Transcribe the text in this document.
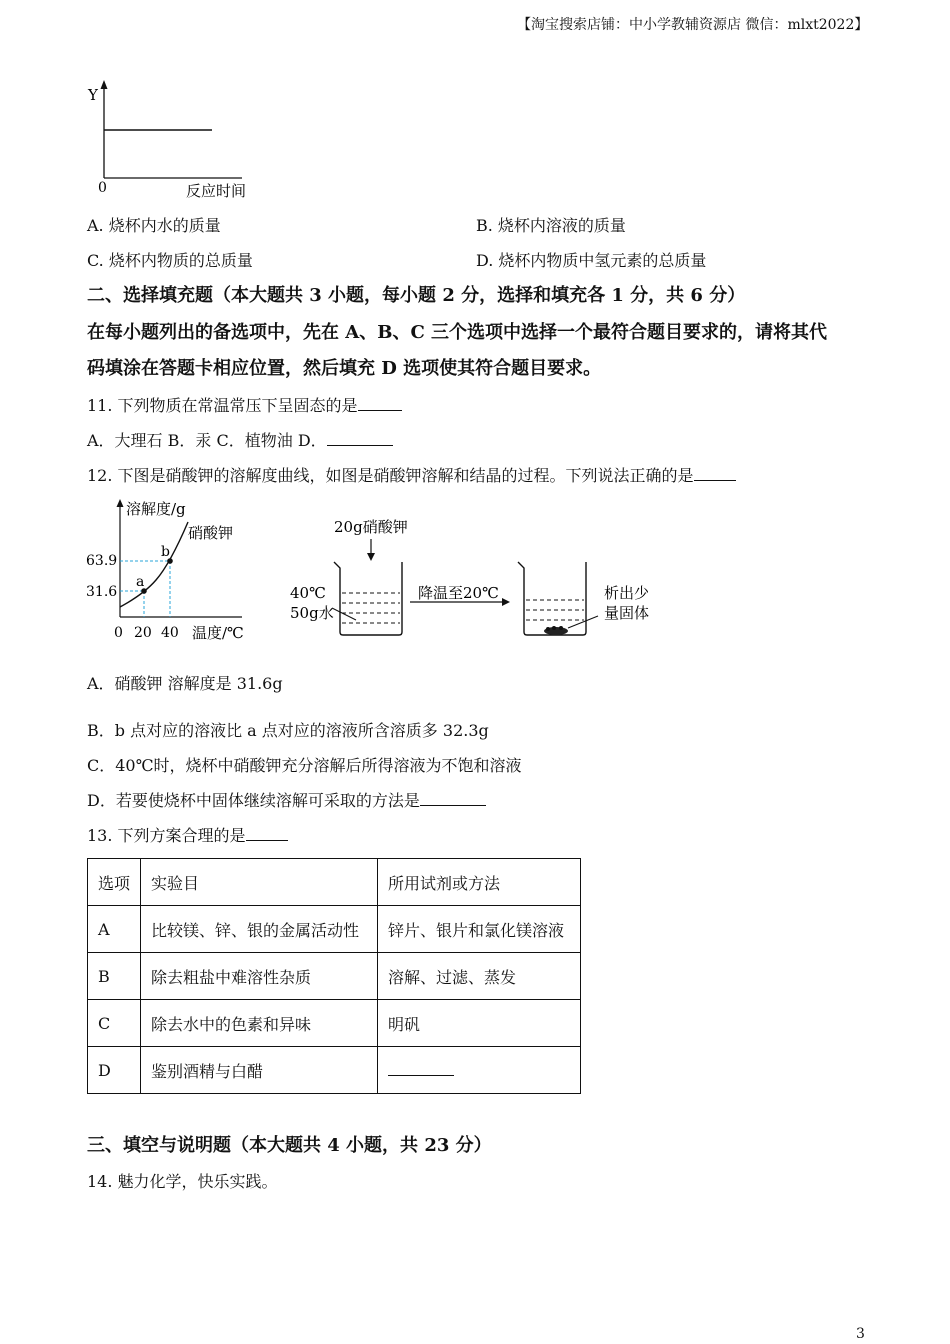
【淘宝搜索店铺：中小学教辅资源店 微信：mlxt2022】
Y
0	反应时间
A. 烧杯内水的质量	B. 烧杯内溶液的质量
C. 烧杯内物质的总质量	D. 烧杯内物质中氢元素的总质量
二、选择填充题（本大题共 3 小题，每小题 2 分，选择和填充各 1 分，共 6 分）
在每小题列出的备选项中，先在 A、B、C 三个选项中选择一个最符合题目要求的，请将其代
码填涂在答题卡相应位置，然后填充 D 选项使其符合题目要求。
11. 下列物质在常温常压下呈固态的是
A．大理石 B．汞 C．植物油 D．
12. 下图是硝酸钾的溶解度曲线，如图是硝酸钾溶解和结晶的过程。下列说法正确的是
a
b
溶解度/g
硝酸钾
63.9
31.6
0 20 40 温度/℃
20g硝酸钾
40℃
50g水
降温至20℃	析出少
量固体
A．硝酸钾 溶解度是 31.6g
B．b 点对应的溶液比 a 点对应的溶液所含溶质多 32.3g
C．40℃时，烧杯中硝酸钾充分溶解后所得溶液为不饱和溶液
D．若要使烧杯中固体继续溶解可采取的方法是
13. 下列方案合理的是
选项	实验目	所用试剂或方法
A	比较镁、锌、银的金属活动性	锌片、银片和氯化镁溶液
B	除去粗盐中难溶性杂质	溶解、过滤、蒸发
C	除去水中的色素和异味	明矾
D	鉴别酒精与白醋	
三、填空与说明题（本大题共 4 小题，共 23 分）
14. 魅力化学，快乐实践。
3
